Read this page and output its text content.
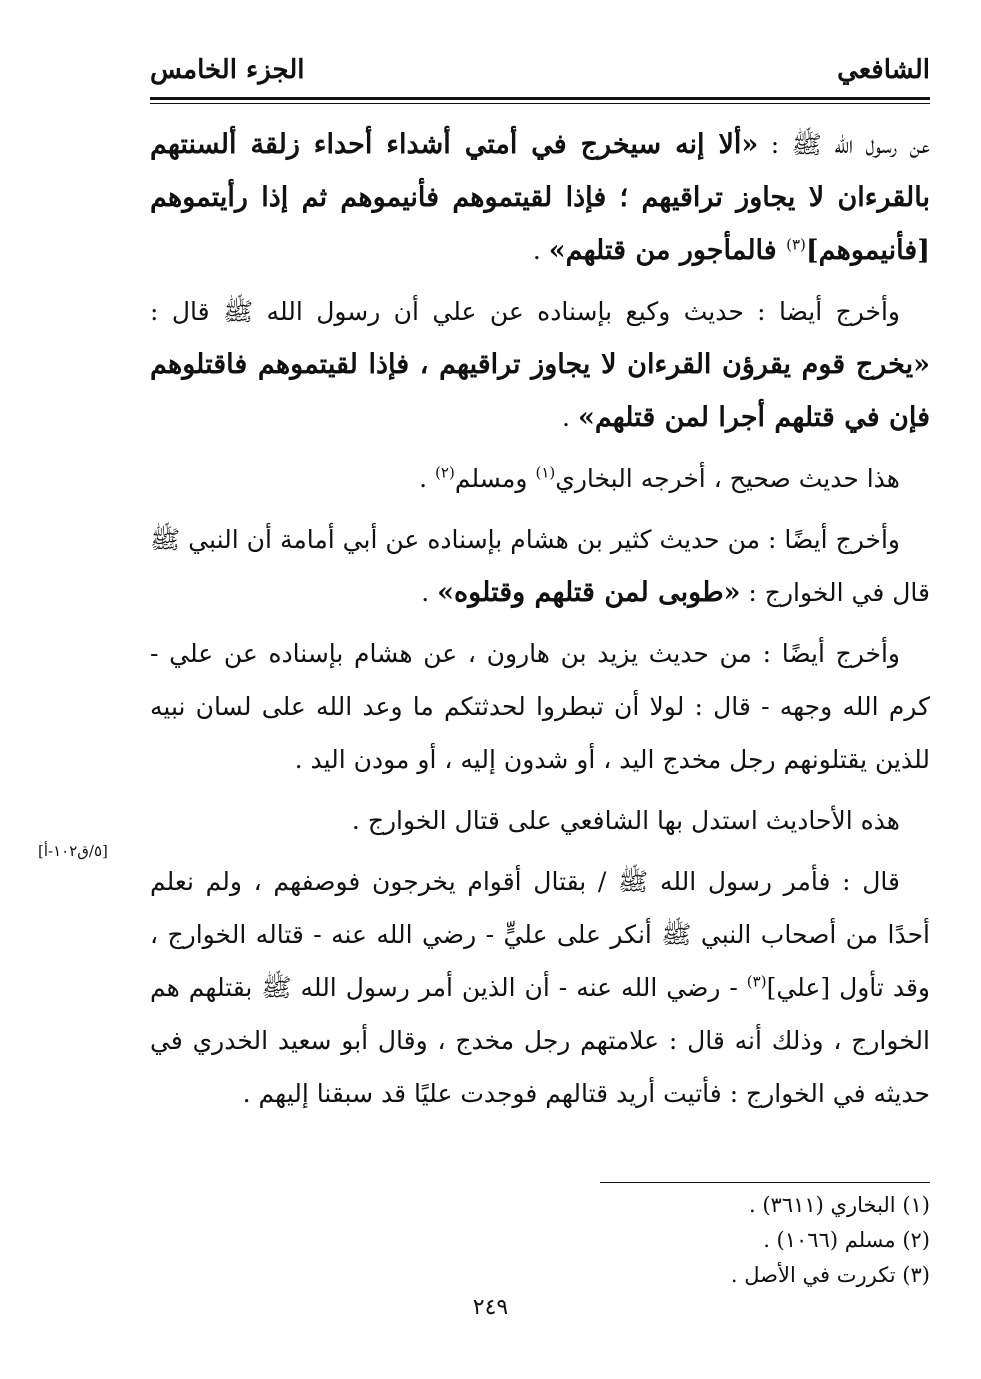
الشافعي
الجزء الخامس

عن رسول الله ﷺ : «ألا إنه سيخرج في أمتي أشداء أحداء زلقة ألسنتهم بالقرءان لا يجاوز تراقيهم ؛ فإذا لقيتموهم فأنيموهم ثم إذا رأيتموهم [فأنيموهم]$^{(٣)}$ فالمأجور من قتلهم» .

وأخرج أيضا : حديث وكيع بإسناده عن علي أن رسول الله ﷺ قال : «يخرج قوم يقرؤن القرءان لا يجاوز تراقيهم ، فإذا لقيتموهم فاقتلوهم فإن في قتلهم أجرا لمن قتلهم» .

هذا حديث صحيح ، أخرجه البخاري$^{(١)}$ ومسلم$^{(٢)}$ .

وأخرج أيضًا : من حديث كثير بن هشام بإسناده عن أبي أمامة أن النبي ﷺ قال في الخوارج : «طوبى لمن قتلهم وقتلوه» .

وأخرج أيضًا : من حديث يزيد بن هارون ، عن هشام بإسناده عن علي - كرم الله وجهه - قال : لولا أن تبطروا لحدثتكم ما وعد الله على لسان نبيه للذين يقتلونهم رجل مخدج اليد ، أو شدون إليه ، أو مودن اليد .

هذه الأحاديث استدل بها الشافعي على قتال الخوارج .

قال : فأمر رسول الله ﷺ / بقتال أقوام يخرجون فوصفهم ، ولم نعلم أحدًا من أصحاب النبي ﷺ أنكر على عليٍّ - رضي الله عنه - قتاله الخوارج ، وقد تأول [علي]$^{(٣)}$ - رضي الله عنه - أن الذين أمر رسول الله ﷺ بقتلهم هم الخوارج ، وذلك أنه قال : علامتهم رجل مخدج ، وقال أبو سعيد الخدري في حديثه في الخوارج : فأتيت أريد قتالهم فوجدت عليًا قد سبقنا إليهم .

[٥/ق١٠٢-أ]
(١) البخاري (٣٦١١) .
(٢) مسلم (١٠٦٦) .
(٣) تكررت في الأصل .
٢٤٩
